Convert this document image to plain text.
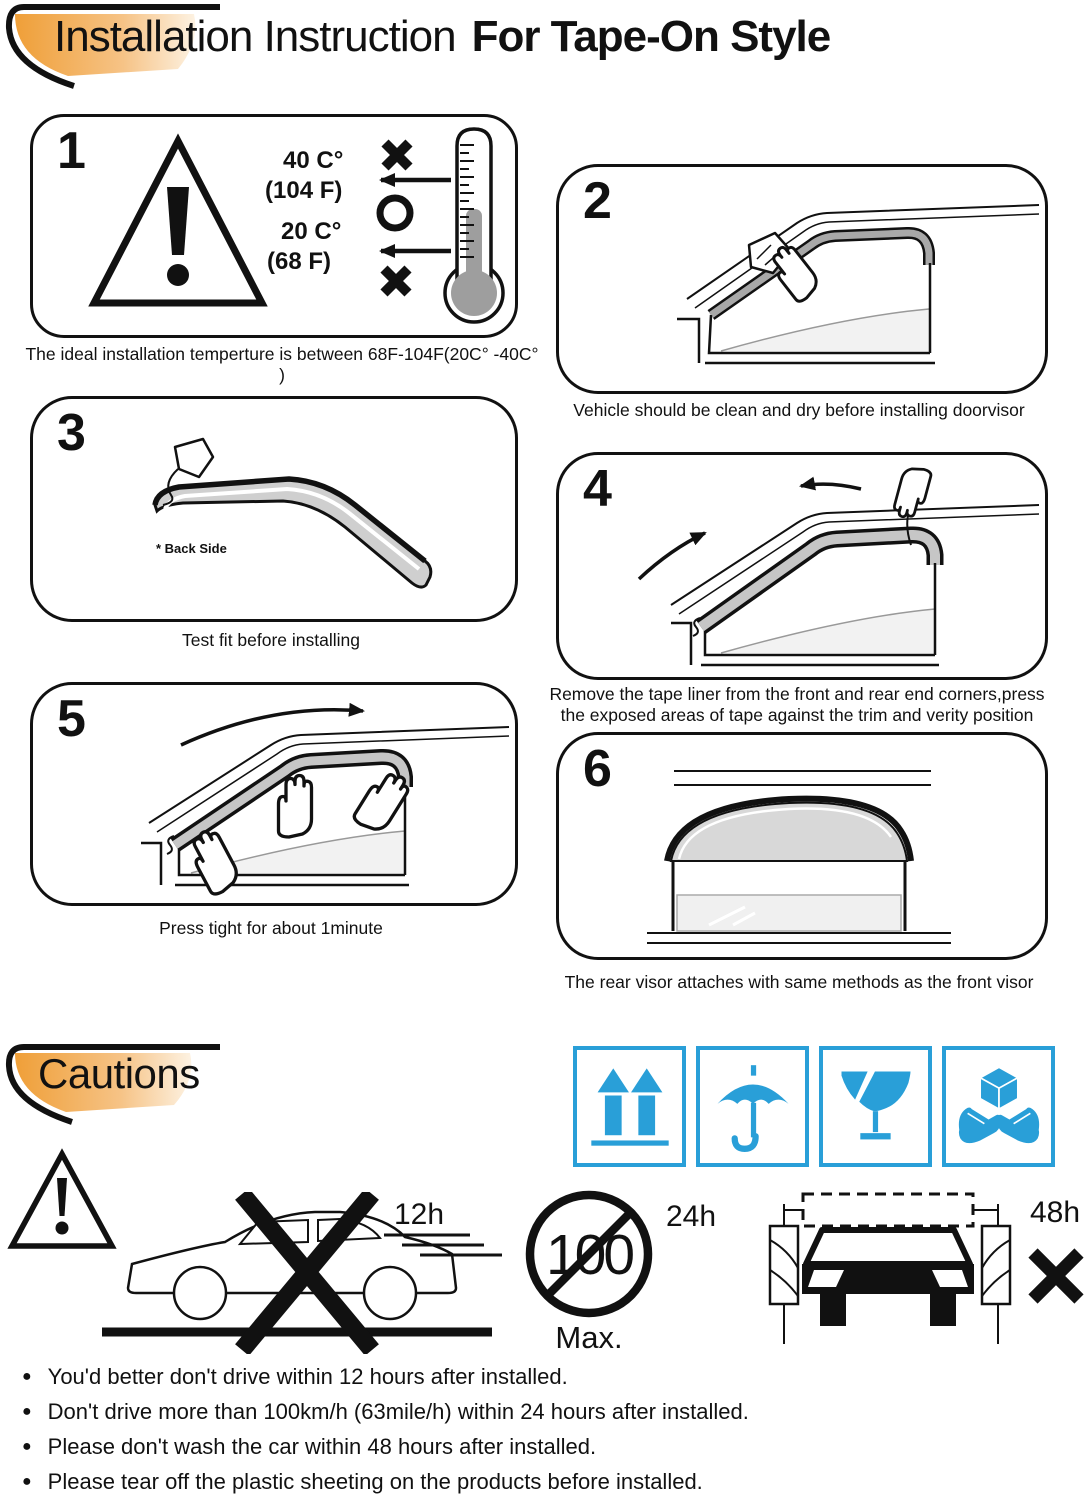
Installation Instruction For Tape-On Style
1	40 C°
(104 F)
20 C°
(68 F)
The ideal installation temperture is between 68F-104F(20C° -40C° )
2
Vehicle should be clean and dry before installing doorvisor
3
* Back Side
Test fit before installing
4
Remove the tape liner from the front and rear end corners,press the exposed areas of tape against the trim and verity position
5
Press tight for about 1minute
6
The rear visor attaches with same methods as the front visor
Cautions
12h
100
Max.
24h	48h
● You'd better don't drive within 12 hours after installed.
● Don't drive more than 100km/h (63mile/h) within 24 hours after installed.
● Please don't wash the car within 48 hours after installed.
● Please tear off the plastic sheeting on the products before installed.
